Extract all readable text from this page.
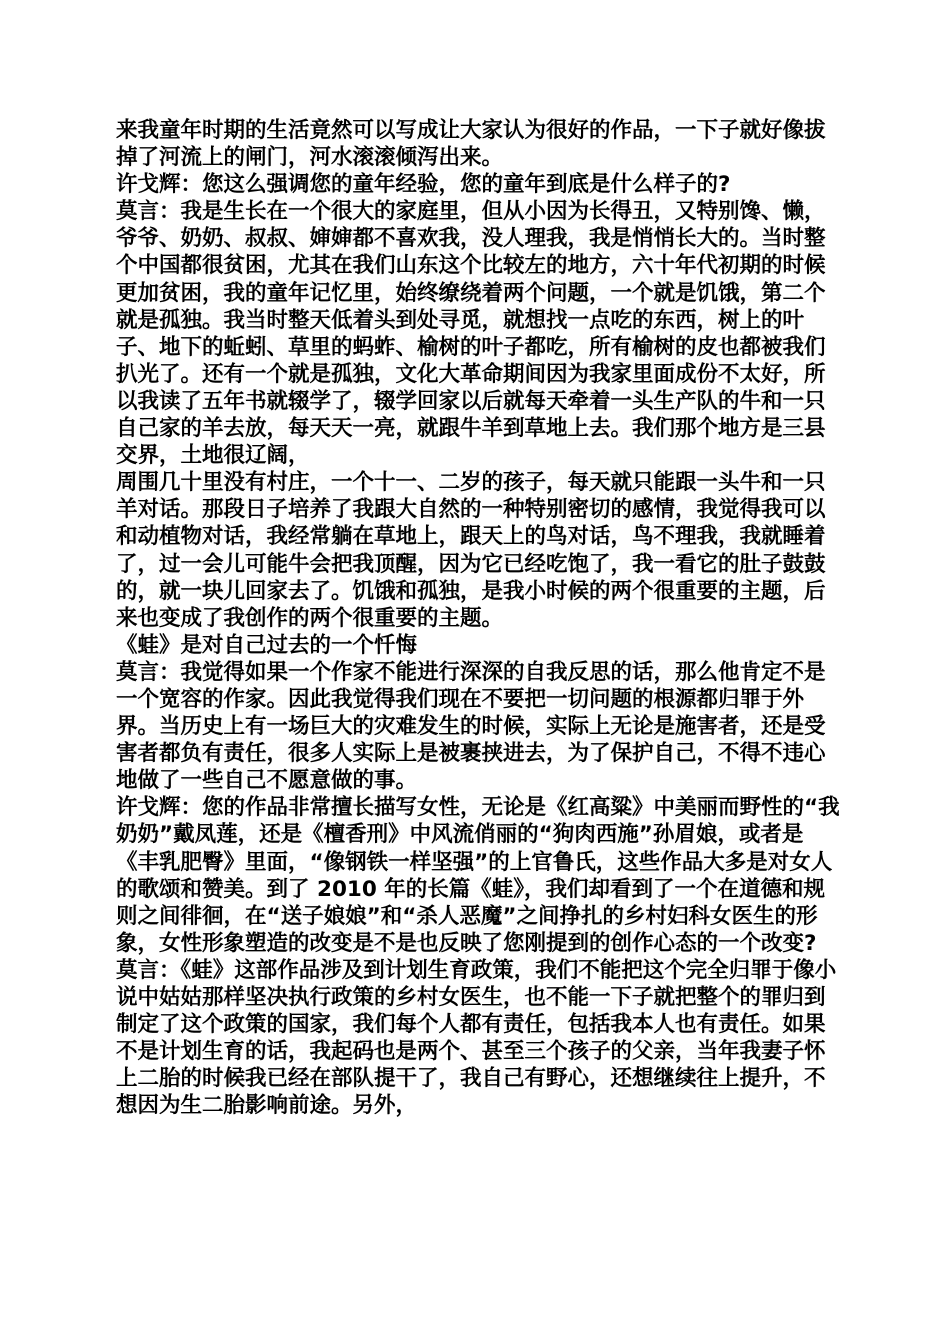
来我童年时期的生活竟然可以写成让大家认为很好的作品，一下子就好像拔掉了河流上的闸门，河水滚滚倾泻出来。

许戈辉：您这么强调您的童年经验，您的童年到底是什么样子的?

莫言：我是生长在一个很大的家庭里，但从小因为长得丑，又特别馋、懒，爷爷、奶奶、叔叔、婶婶都不喜欢我，没人理我，我是悄悄长大的。当时整个中国都很贫困，尤其在我们山东这个比较左的地方，六十年代初期的时候更加贫困，我的童年记忆里，始终缭绕着两个问题，一个就是饥饿，第二个就是孤独。我当时整天低着头到处寻觅，就想找一点吃的东西，树上的叶子、地下的蚯蚓、草里的蚂蚱、榆树的叶子都吃，所有榆树的皮也都被我们扒光了。还有一个就是孤独，文化大革命期间因为我家里面成份不太好，所以我读了五年书就辍学了，辍学回家以后就每天牵着一头生产队的牛和一只自己家的羊去放，每天天一亮，就跟牛羊到草地上去。我们那个地方是三县交界，土地很辽阔，

周围几十里没有村庄，一个十一、二岁的孩子，每天就只能跟一头牛和一只羊对话。那段日子培养了我跟大自然的一种特别密切的感情，我觉得我可以和动植物对话，我经常躺在草地上，跟天上的鸟对话，鸟不理我，我就睡着了，过一会儿可能牛会把我顶醒，因为它已经吃饱了，我一看它的肚子鼓鼓的，就一块儿回家去了。饥饿和孤独，是我小时候的两个很重要的主题，后来也变成了我创作的两个很重要的主题。

《蛙》是对自己过去的一个忏悔

莫言：我觉得如果一个作家不能进行深深的自我反思的话，那么他肯定不是一个宽容的作家。因此我觉得我们现在不要把一切问题的根源都归罪于外界。当历史上有一场巨大的灾难发生的时候，实际上无论是施害者，还是受害者都负有责任，很多人实际上是被裹挟进去，为了保护自己，不得不违心地做了一些自己不愿意做的事。

许戈辉：您的作品非常擅长描写女性，无论是《红高粱》中美丽而野性的“我奶奶”戴凤莲，还是《檀香刑》中风流俏丽的“狗肉西施”孙眉娘，或者是《丰乳肥臀》里面，“像钢铁一样坚强”的上官鲁氏，这些作品大多是对女人的歌颂和赞美。到了 2010 年的长篇《蛙》，我们却看到了一个在道德和规则之间徘徊，在“送子娘娘”和“杀人恶魔”之间挣扎的乡村妇科女医生的形象，女性形象塑造的改变是不是也反映了您刚提到的创作心态的一个改变?

莫言：《蛙》这部作品涉及到计划生育政策，我们不能把这个完全归罪于像小说中姑姑那样坚决执行政策的乡村女医生，也不能一下子就把整个的罪归到制定了这个政策的国家，我们每个人都有责任，包括我本人也有责任。如果不是计划生育的话，我起码也是两个、甚至三个孩子的父亲，当年我妻子怀上二胎的时候我已经在部队提干了，我自己有野心，还想继续往上提升，不想因为生二胎影响前途。另外，
